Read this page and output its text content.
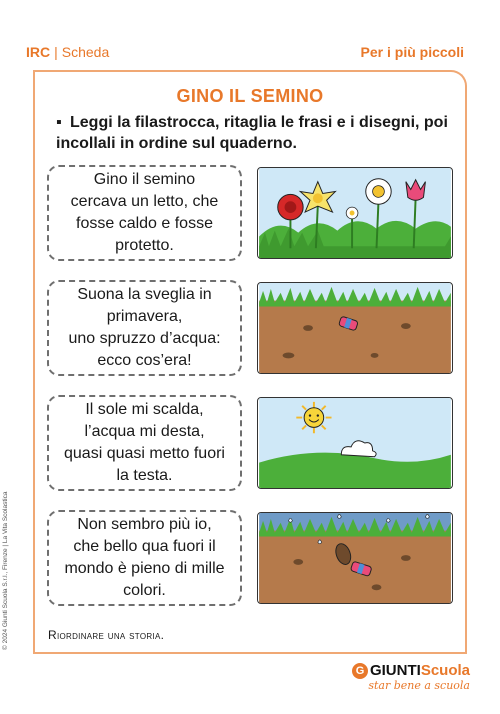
IRC | Scheda	Per i più piccoli
GINO IL SEMINO
▪ Leggi la filastrocca, ritaglia le frasi e i disegni, poi incollali in ordine sul quaderno.
Gino il semino
cercava un letto, che
fosse caldo e fosse
protetto.
Suona la sveglia in
primavera,
uno spruzzo d’acqua:
ecco cos’era!
Il sole mi scalda,
l’acqua mi desta,
quasi quasi metto fuori
la testa.
Non sembro più io,
che bello qua fuori il
mondo è pieno di mille
colori.
Riordinare una storia.
© 2024 Giunti Scuola S.r.l., Firenze | La Vita Scolastica
G GIUNTIScuola
star bene a scuola
